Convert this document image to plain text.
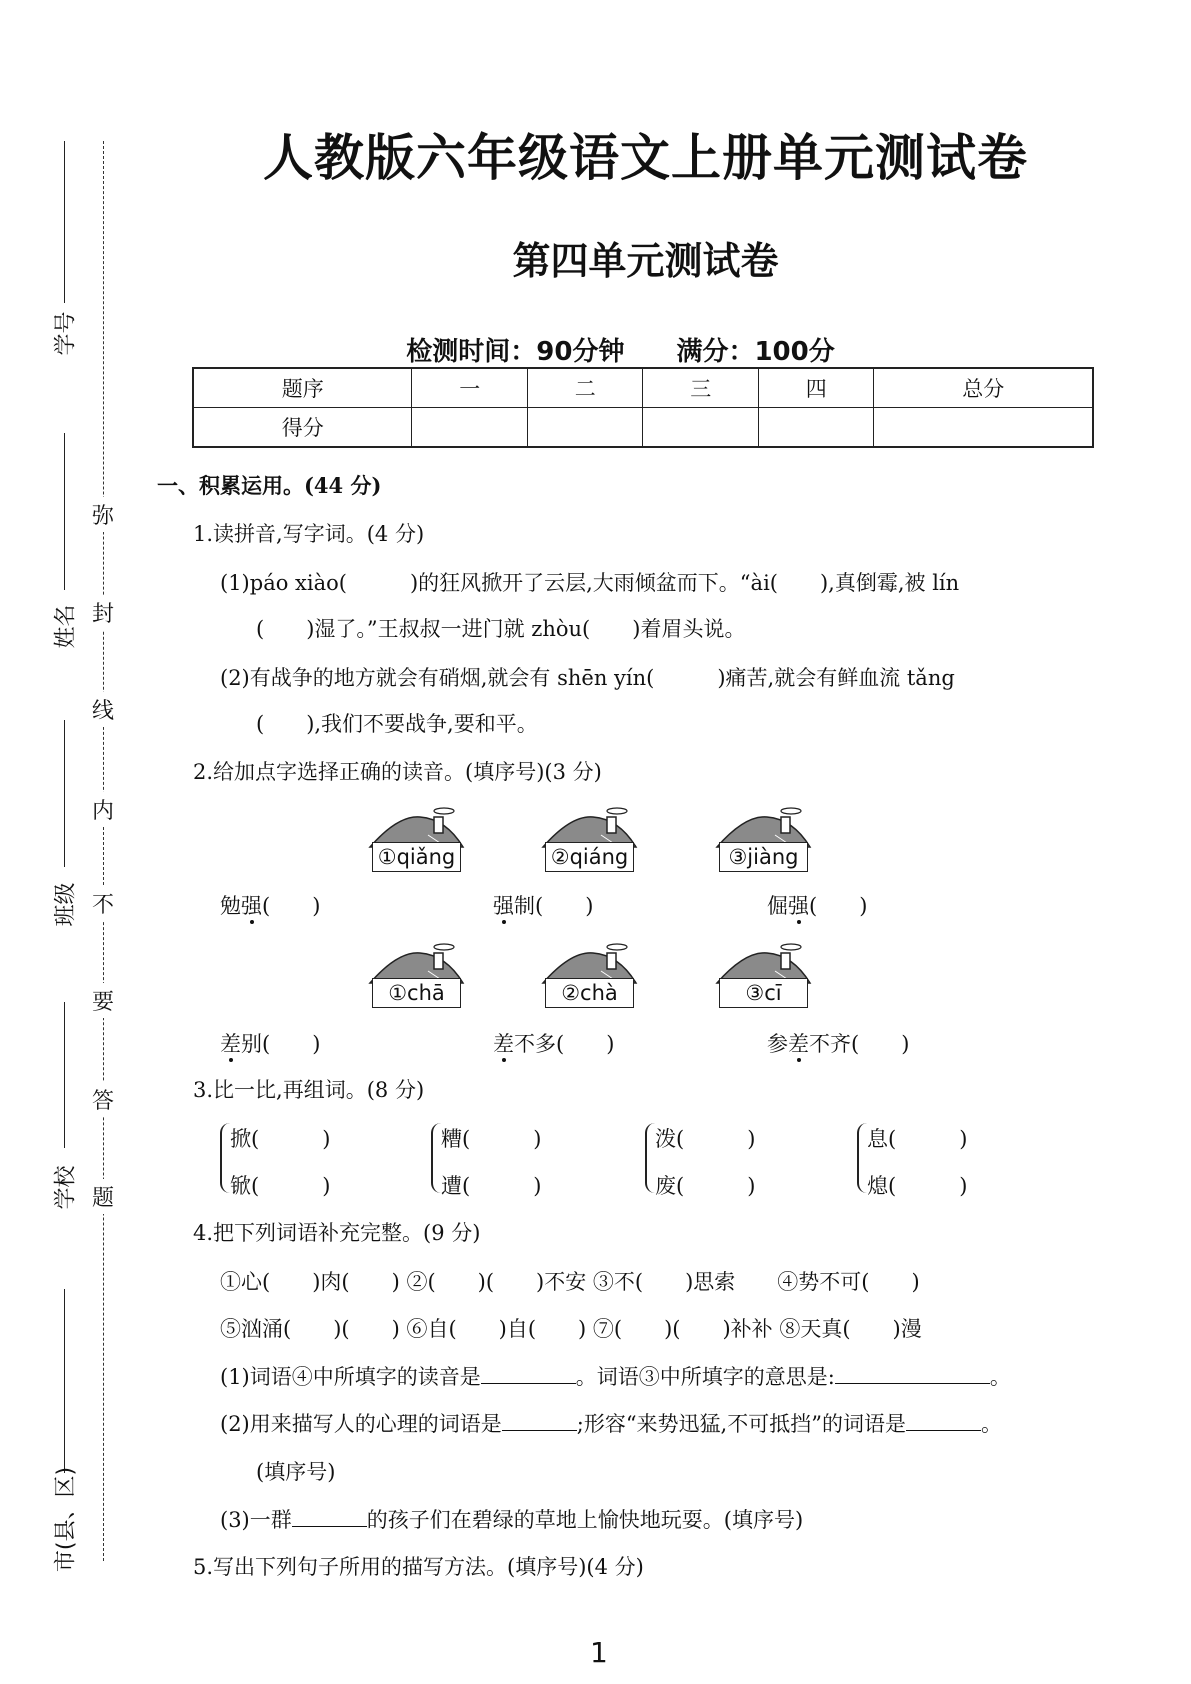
学号
姓名
班级
学校
市(县、区)
弥
封
线
内
不
要
答
题
人教版六年级语文上册单元测试卷
第四单元测试卷
检测时间：90分钟　　满分：100分
题序	一	二	三	四	总分
得分					
一、积累运用。(44 分)
1.读拼音,写字词。(4 分)
(1)páo xiào(　　　)的狂风掀开了云层,大雨倾盆而下。“ài(　　),真倒霉,被 lín
(　　)湿了。”王叔叔一进门就 zhòu(　　)着眉头说。
(2)有战争的地方就会有硝烟,就会有 shēn yín(　　　)痛苦,就会有鲜血流 tǎng
(　　),我们不要战争,要和平。
2.给加点字选择正确的读音。(填序号)(3 分)
①qiǎng	②qiáng	③jiàng
勉强(　　)	强制(　　)	倔强(　　)
①chā	②chà	③cī
差别(　　)	差不多(　　)	参差不齐(　　)
3.比一比,再组词。(8 分)
掀(　　　)
锨(　　　)
糟(　　　)
遭(　　　)
泼(　　　)
废(　　　)
息(　　　)
熄(　　　)
4.把下列词语补充完整。(9 分)
①心(　　)肉(　　) ②(　　)(　　)不安 ③不(　　)思索　　④势不可(　　)
⑤汹涌(　　)(　　) ⑥自(　　)自(　　) ⑦(　　)(　　)补补 ⑧天真(　　)漫
(1)词语④中所填字的读音是	。词语③中所填字的意思是:	。
(2)用来描写人的心理的词语是	;形容“来势迅猛,不可抵挡”的词语是	。
(填序号)
(3)一群	的孩子们在碧绿的草地上愉快地玩耍。(填序号)
5.写出下列句子所用的描写方法。(填序号)(4 分)
1
